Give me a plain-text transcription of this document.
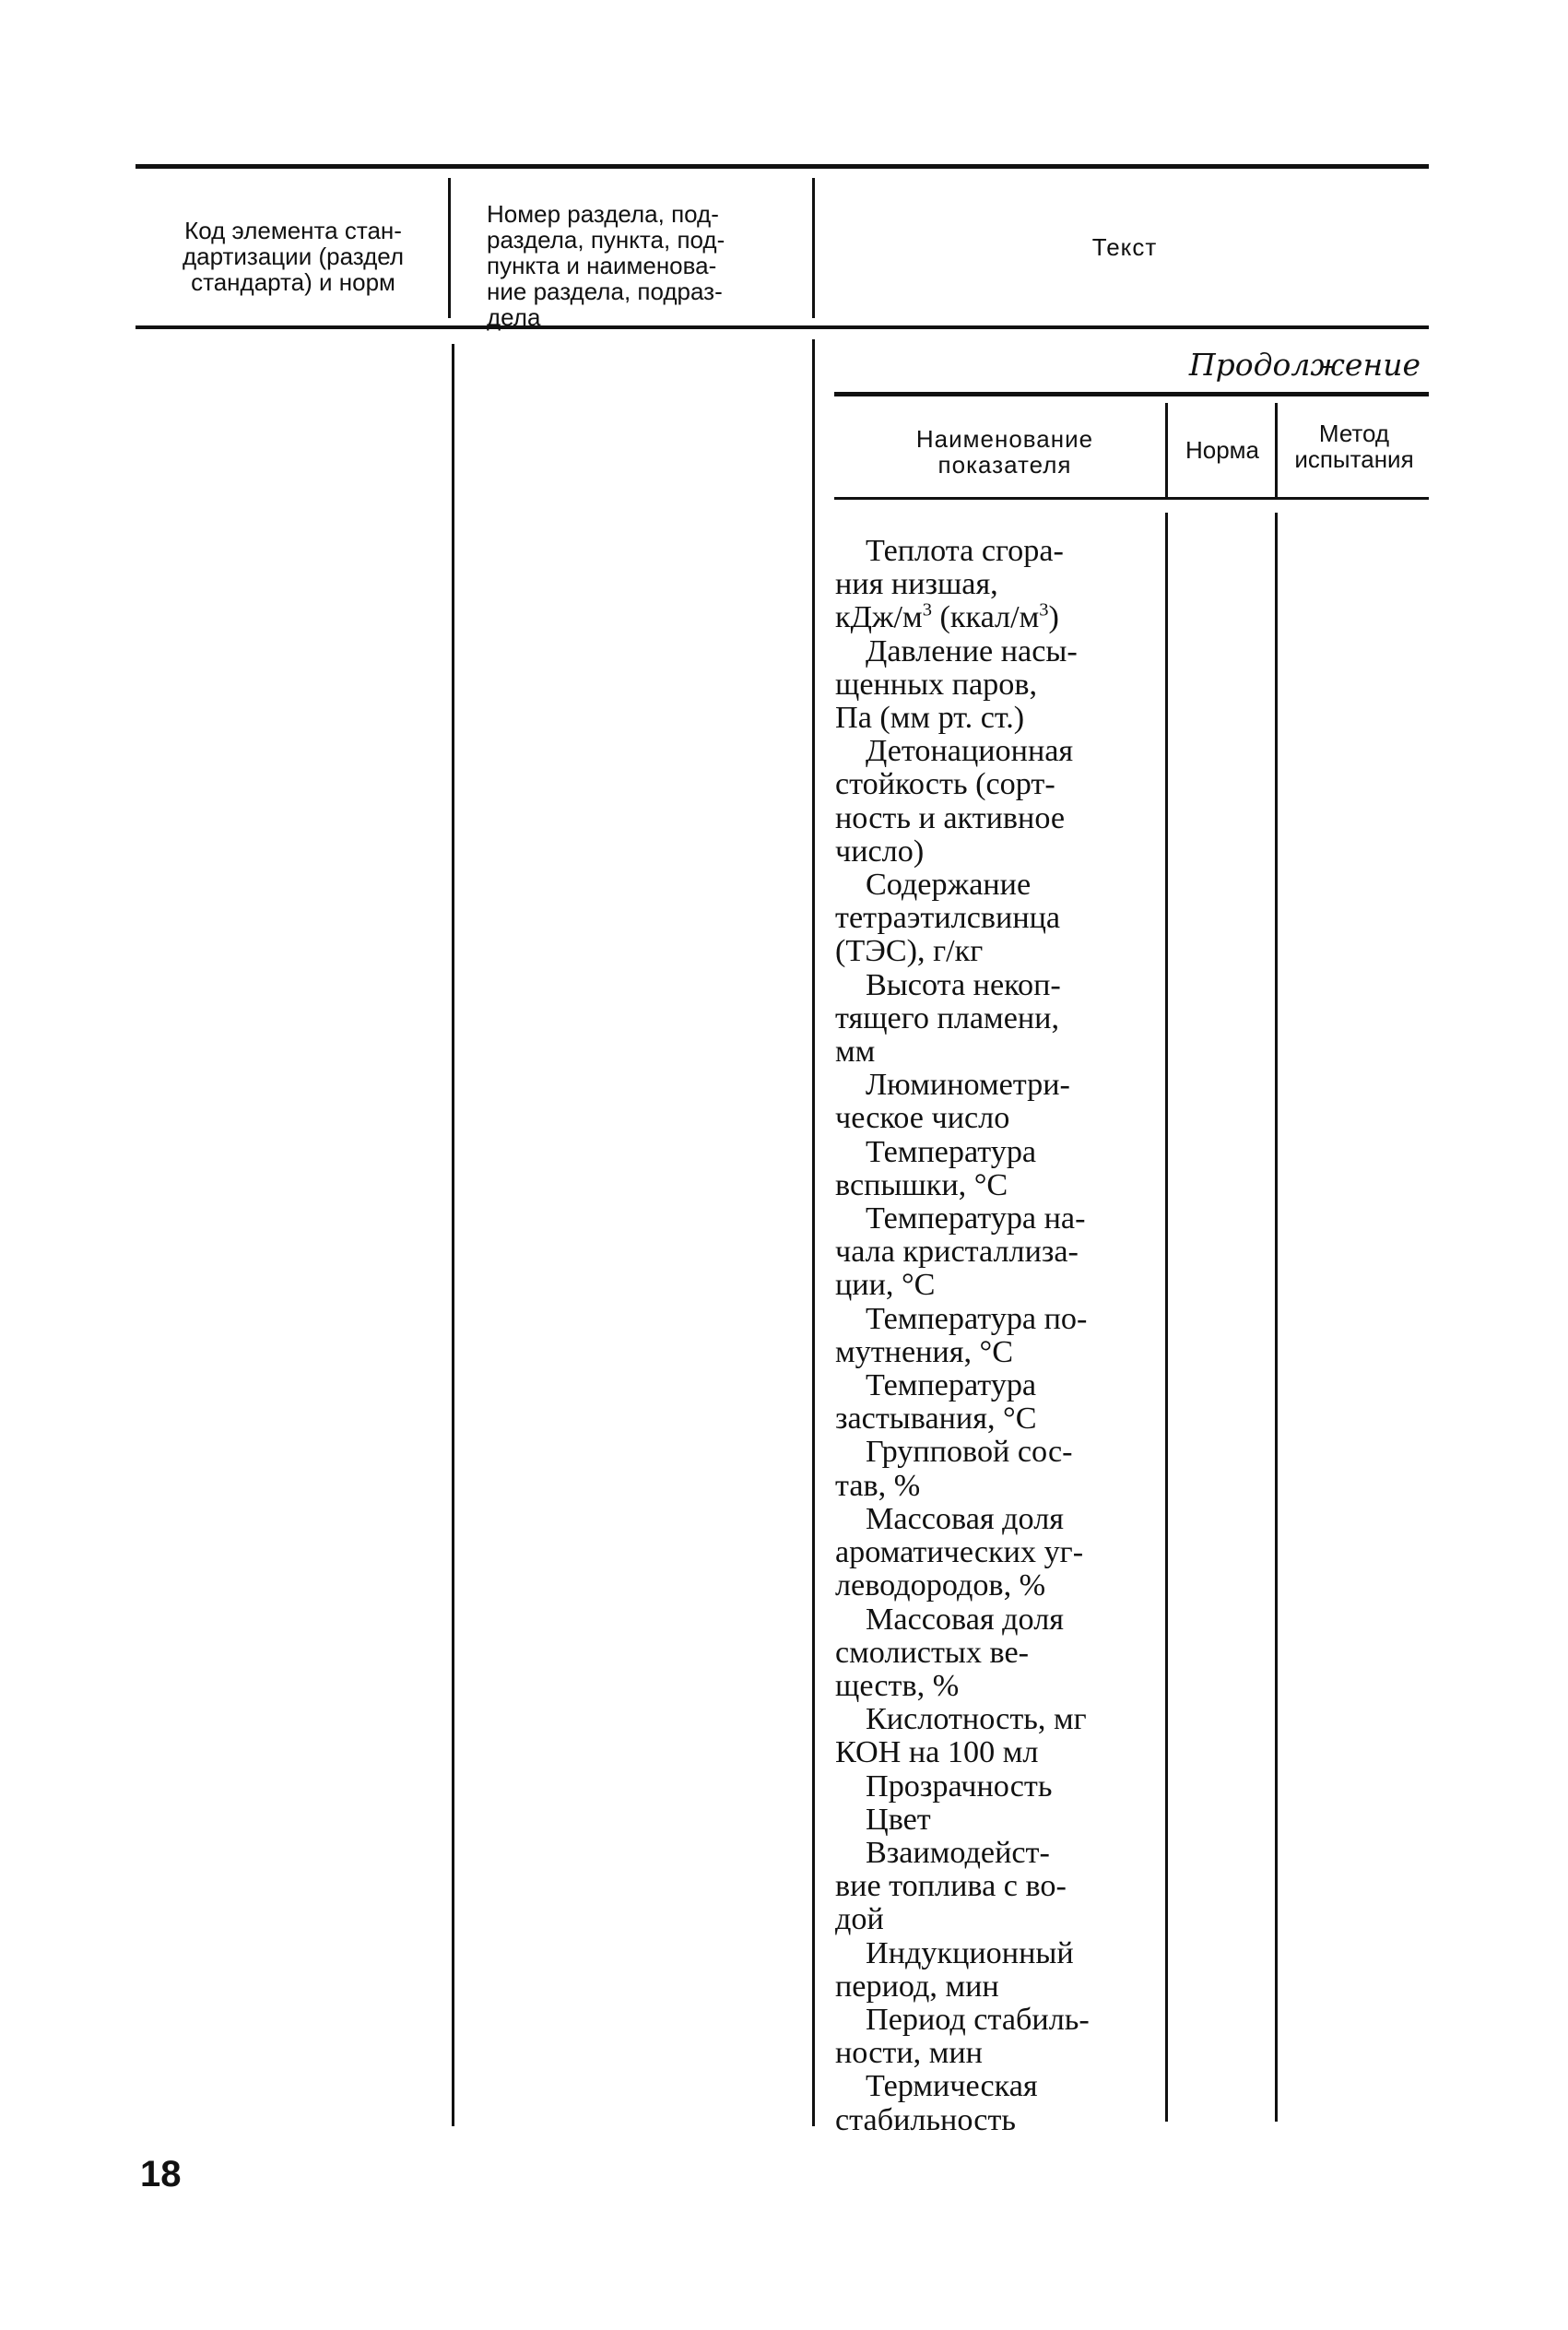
Код элемента стан-
дартизации (раздел
стандарта) и норм
Номер раздела, под-
раздела, пункта, под-
пункта и наименова-
ние раздела, подраз-
дела
Текст
Продолжение
Наименование
показателя
Норма
Метод
испытания
Теплота сгора-
ния низшая,
кДж/$м^3$ $(ккал/м^3)$
Давление насы-
щенных паров,
Па (мм рт. ст.)
Детонационная
стойкость (сорт-
ность и активное
число)
Содержание
тетраэтилсвинца
(ТЭС), г/кг
Высота некоп-
тящего пламени,
мм
Люминометри-
ческое число
Температура
вспышки, °С
Температура на-
чала кристаллиза-
ции, °С
Температура по-
мутнения, °С
Температура
застывания, °С
Групповой сос-
тав, %
Массовая доля
ароматических уг-
леводородов, %
Массовая доля
смолистых ве-
ществ, %
Кислотность, мг
КОН на 100 мл
Прозрачность
Цвет
Взаимодейст-
вие топлива с во-
дой
Индукционный
период, мин
Период стабиль-
ности, мин
Термическая
стабильность
18
